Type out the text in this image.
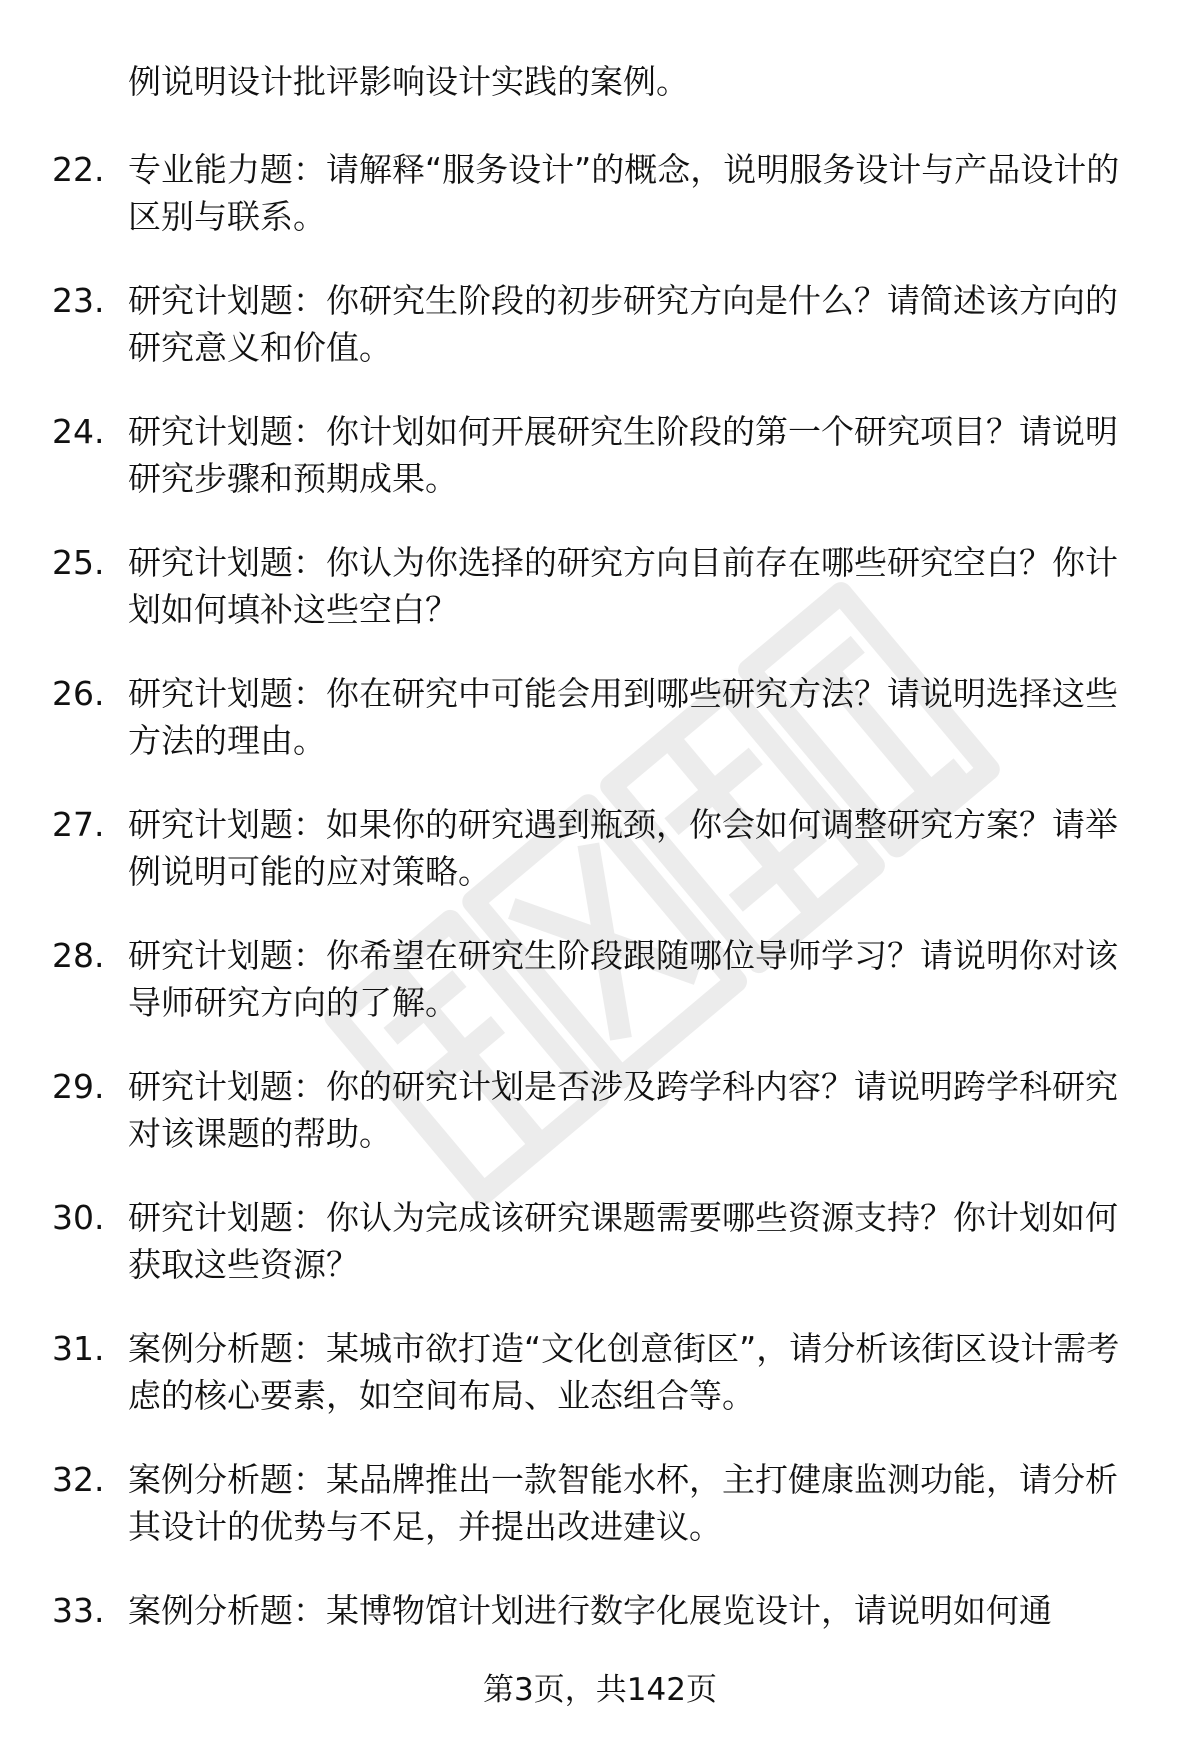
例说明设计批评影响设计实践的案例。
22. 专业能力题：请解释“服务设计”的概念，说明服务设计与产品设计的区别与联系。
23. 研究计划题：你研究生阶段的初步研究方向是什么？请简述该方向的研究意义和价值。
24. 研究计划题：你计划如何开展研究生阶段的第一个研究项目？请说明研究步骤和预期成果。
25. 研究计划题：你认为你选择的研究方向目前存在哪些研究空白？你计划如何填补这些空白？
26. 研究计划题：你在研究中可能会用到哪些研究方法？请说明选择这些方法的理由。
27. 研究计划题：如果你的研究遇到瓶颈，你会如何调整研究方案？请举例说明可能的应对策略。
28. 研究计划题：你希望在研究生阶段跟随哪位导师学习？请说明你对该导师研究方向的了解。
29. 研究计划题：你的研究计划是否涉及跨学科内容？请说明跨学科研究对该课题的帮助。
30. 研究计划题：你认为完成该研究课题需要哪些资源支持？你计划如何获取这些资源？
31. 案例分析题：某城市欲打造“文化创意街区”，请分析该街区设计需考虑的核心要素，如空间布局、业态组合等。
32. 案例分析题：某品牌推出一款智能水杯，主打健康监测功能，请分析其设计的优势与不足，并提出改进建议。
33. 案例分析题：某博物馆计划进行数字化展览设计，请说明如何通
第3页，共142页
